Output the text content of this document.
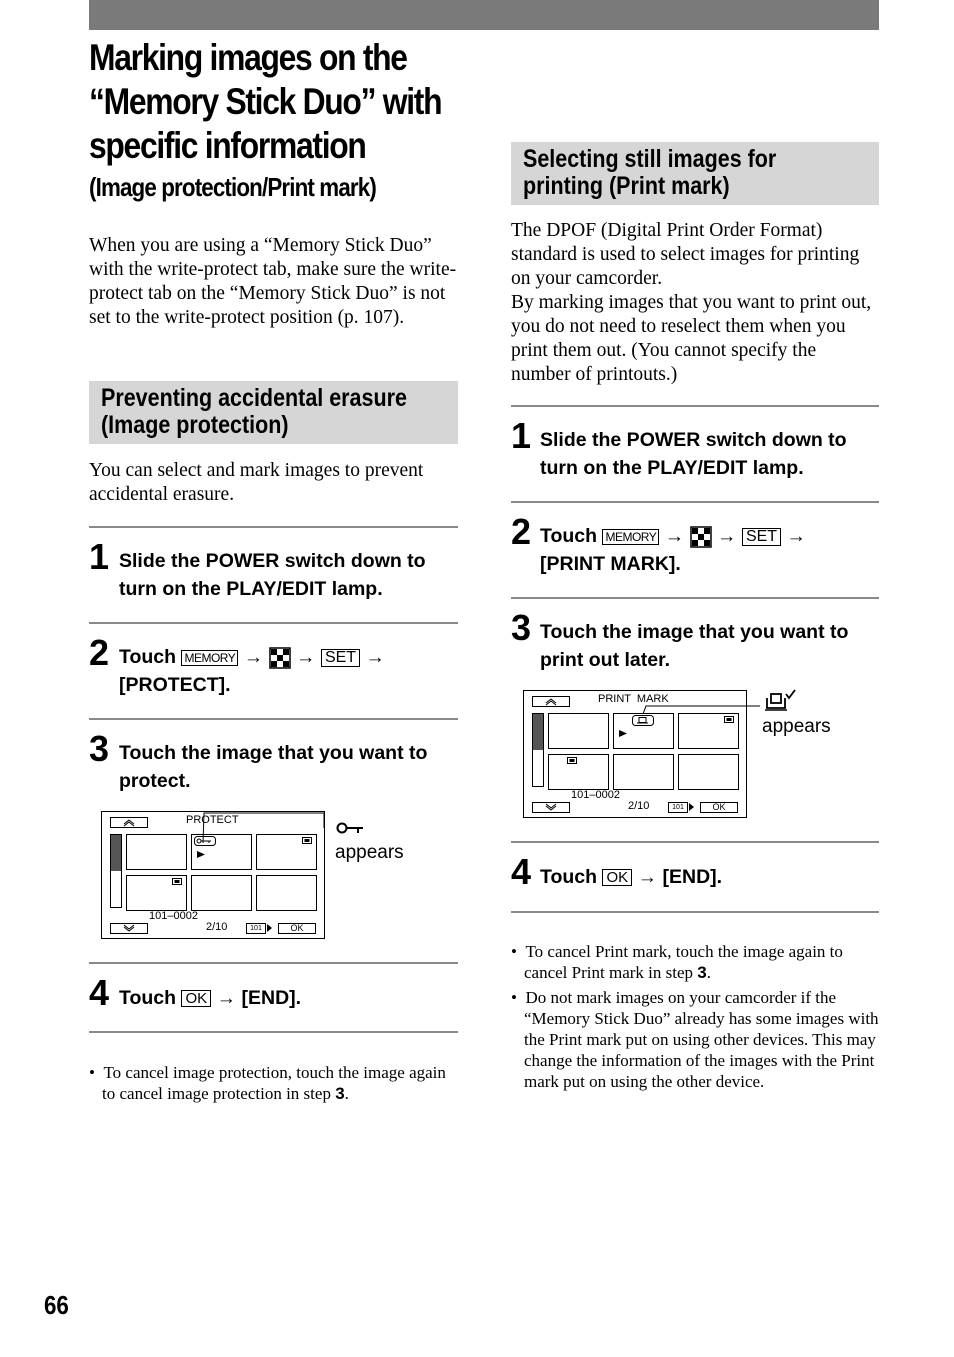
Marking images on the
“Memory Stick Duo” with
specific information
(Image protection/Print mark)
When you are using a “Memory Stick Duo” with the write-protect tab, make sure the write-protect tab on the “Memory Stick Duo” is not set to the write-protect position (p. 107).
Preventing accidental erasure
(Image protection)
You can select and mark images to prevent accidental erasure.
1 Slide the POWER switch down to turn on the PLAY/EDIT lamp.
2 Touch MEMORY → → SET →
[PROTECT].
3 Touch the image that you want to protect.
PROTECT
101–0002
2/10	101	OK
appears
4 Touch OK → [END].
• To cancel image protection, touch the image again to cancel image protection in step 3.
Selecting still images for
printing (Print mark)
The DPOF (Digital Print Order Format) standard is used to select images for printing on your camcorder.
By marking images that you want to print out, you do not need to reselect them when you print them out. (You cannot specify the number of printouts.)
1 Slide the POWER switch down to turn on the PLAY/EDIT lamp.
2 Touch MEMORY → → SET →
[PRINT MARK].
3 Touch the image that you want to print out later.
PRINT  MARK
101–0002
2/10	101	OK
appears
4 Touch OK → [END].
• To cancel Print mark, touch the image again to cancel Print mark in step 3.
• Do not mark images on your camcorder if the “Memory Stick Duo” already has some images with the Print mark put on using other devices. This may change the information of the images with the Print mark put on using the other device.
66
